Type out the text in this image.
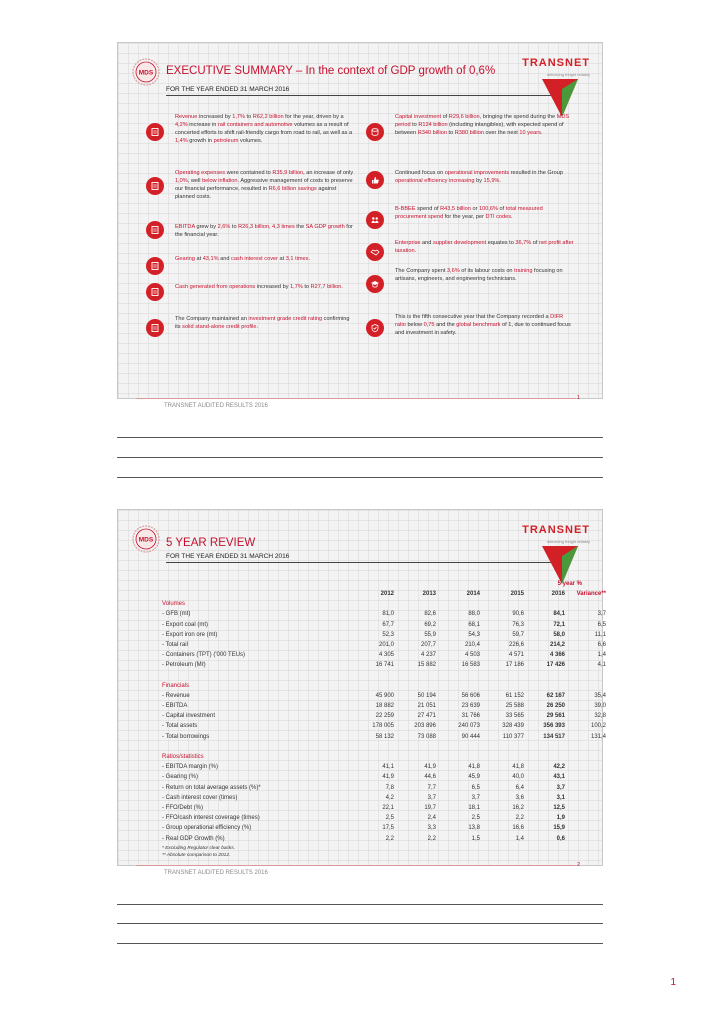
MDS EXECUTIVE SUMMARY – In the context of GDP growth of 0,6%
FOR THE YEAR ENDED 31 MARCH 2016
TRANSNET
delivering freight reliably
Revenue increased by 1,7% to R62,2 billion for the year, driven by a 4,2% increase in rail containers and automotive volumes as a result of concerted efforts to shift rail-friendly cargo from road to rail, as well as a 1,4% growth in petroleum volumes.
Operating expenses were contained to R35,9 billion, an increase of only 1,0%, well below inflation. Aggressive management of costs to preserve our financial performance, resulted in R6,6 billion savings against planned costs.
EBITDA grew by 2,6% to R26,3 billion, 4,3 times the SA GDP growth for the financial year.
Gearing at 43,1% and cash interest cover at 3,1 times.
Cash generated from operations increased by 1,7% to R27,7 billion.
The Company maintained an investment grade credit rating confirming its solid stand-alone credit profile.
Capital investment of R29,6 billion, bringing the spend during the MDS period to R124 billion (including intangibles), with expected spend of between R340 billion to R380 billion over the next 10 years.
Continued focus on operational improvements resulted in the Group operational efficiency increasing by 15,9%.
B-BBEE spend of R43,5 billion or 100,6% of total measured procurement spend for the year, per DTI codes.
Enterprise and supplier development equates to 36,7% of net profit after taxation.
The Company spent 3,6% of its labour costs on training focusing on artisans, engineers, and engineering technicians.
This is the fifth consecutive year that the Company recorded a DIFR ratio below 0,75 and the global benchmark of 1, due to continued focus and investment in safety.
1
TRANSNET AUDITED RESULTS 2016
MDS 5 YEAR REVIEW
FOR THE YEAR ENDED 31 MARCH 2016
TRANSNET
delivering freight reliably
5 year %
2012	2013	2014	2015	2016	Variance**
Volumes
- GFB (mt)	81,0	82,6	88,0	90,6	84,1	3,7
- Export coal (mt)	67,7	69,2	68,1	76,3	72,1	6,5
- Export iron ore (mt)	52,3	55,9	54,3	59,7	58,0	11,1
- Total rail	201,0	207,7	210,4	226,6	214,2	6,6
- Containers (TPT) ('000 TEUs)	4 305	4 237	4 503	4 571	4 366	1,4
- Petroleum (Mℓ)	16 741	15 882	16 583	17 186	17 426	4,1
Financials
- Revenue	45 900	50 194	56 606	61 152	62 167	35,4
- EBITDA	18 882	21 051	23 639	25 588	26 250	39,0
- Capital investment	22 259	27 471	31 766	33 565	29 561	32,8
- Total assets	178 005	203 896	240 073	328 439	356 393	100,2
- Total borrowings	58 132	73 088	90 444	110 377	134 517	131,4
Ratios/statistics
- EBITDA margin (%)	41,1	41,9	41,8	41,8	42,2
- Gearing (%)	41,9	44,6	45,9	40,0	43,1
- Return on total average assets (%)*	7,8	7,7	6,5	6,4	3,7
- Cash interest cover (times)	4,2	3,7	3,7	3,6	3,1
- FFO/Debt (%)	22,1	19,7	18,1	16,2	12,5
- FFO/cash interest coverage (times)	2,5	2,4	2,5	2,2	1,9
- Group operational efficiency (%)	17,5	3,3	13,8	16,6	15,9
- Real GDP Growth (%)	2,2	2,2	1,5	1,4	0,6
* Excluding Regulator clear backs.
** Absolute comparison to 2012.
2
TRANSNET AUDITED RESULTS 2016
1
